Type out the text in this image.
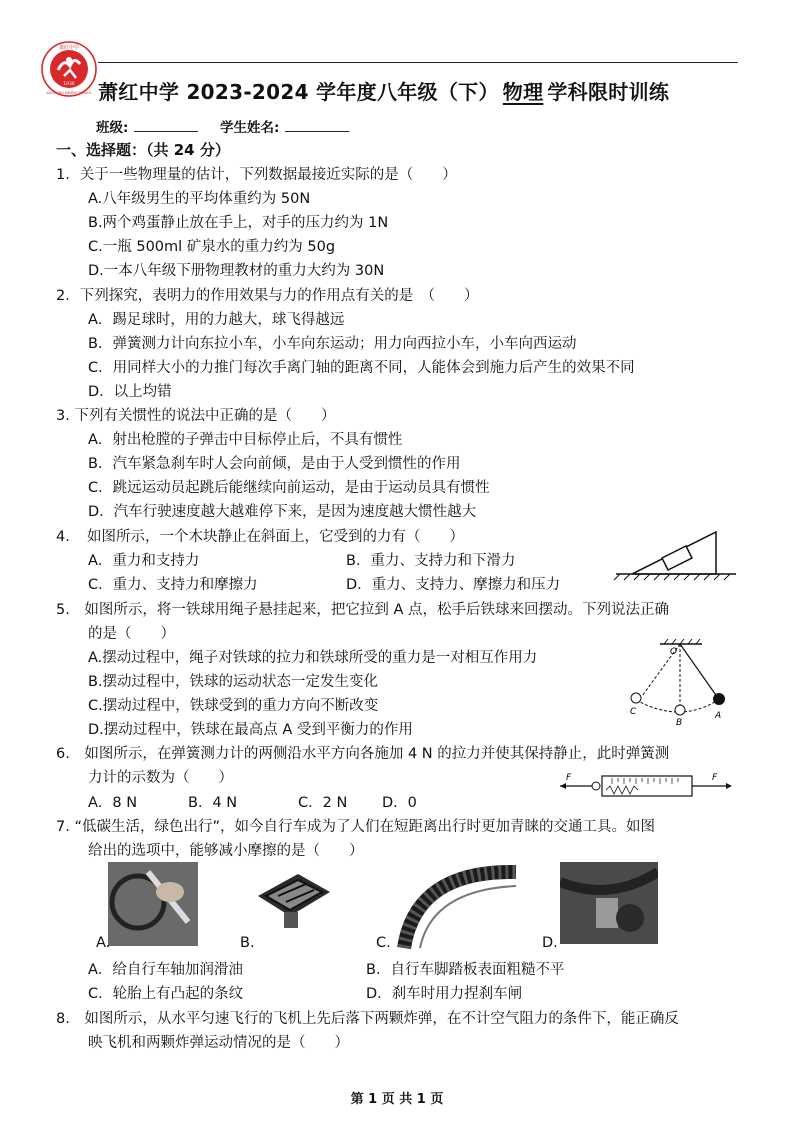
萧红中学
1936
XIAOHONG MIDDLE SCHOOL 萧红中学 2023-2024 学年度八年级（下） 物理 学科限时训练
班级:	学生姓名:
一、选择题：（共 24 分）
1．关于一些物理量的估计，下列数据最接近实际的是（　　）
A.八年级男生的平均体重约为 50N
B.两个鸡蛋静止放在手上，对手的压力约为 1N
C.一瓶 500ml 矿泉水的重力约为 50g
D.一本八年级下册物理教材的重力大约为 30N
2．下列探究，表明力的作用效果与力的作用点有关的是　（　　）
A．踢足球时，用的力越大，球飞得越远
B．弹簧测力计向东拉小车，小车向东运动；用力向西拉小车，小车向西运动
C．用同样大小的力推门每次手离门轴的距离不同，人能体会到施力后产生的效果不同
D．以上均错
3. 下列有关惯性的说法中正确的是（　　）
A．射出枪膛的子弹击中目标停止后，不具有惯性
B．汽车紧急刹车时人会向前倾，是由于人受到惯性的作用
C．跳远运动员起跳后能继续向前运动，是由于运动员具有惯性
D．汽车行驶速度越大越难停下来，是因为速度越大惯性越大
4．　如图所示，一个木块静止在斜面上，它受到的力有（　　）
A．重力和支持力	B．重力、支持力和下滑力
C．重力、支持力和摩擦力	D．重力、支持力、摩擦力和压力
5.　如图所示，将一铁球用绳子悬挂起来，把它拉到 A 点，松手后铁球来回摆动。下列说法正确
的是（　　）
A.摆动过程中，绳子对铁球的拉力和铁球所受的重力是一对相互作用力
B.摆动过程中，铁球的运动状态一定发生变化
C.摆动过程中，铁球受到的重力方向不断改变
D.摆动过程中，铁球在最高点 A 受到平衡力的作用
O
A
B
C
6.　如图所示，在弹簧测力计的两侧沿水平方向各施加 4 N 的拉力并使其保持静止，此时弹簧测
力计的示数为（　　）
A．8 N	B．4 N	C．2 N D．0
F	F
7. “低碳生活，绿色出行”，如今自行车成为了人们在短距离出行时更加青睐的交通工具。如图
给出的选项中，能够减小摩擦的是（　　）
A.	B.	C.	D.
A．给自行车轴加润滑油	B．自行车脚踏板表面粗糙不平
C．轮胎上有凸起的条纹	D．刹车时用力捏刹车闸
8.　如图所示，从水平匀速飞行的飞机上先后落下两颗炸弹，在不计空气阻力的条件下，能正确反
映飞机和两颗炸弹运动情况的是（　　）
第 1 页 共 1 页
